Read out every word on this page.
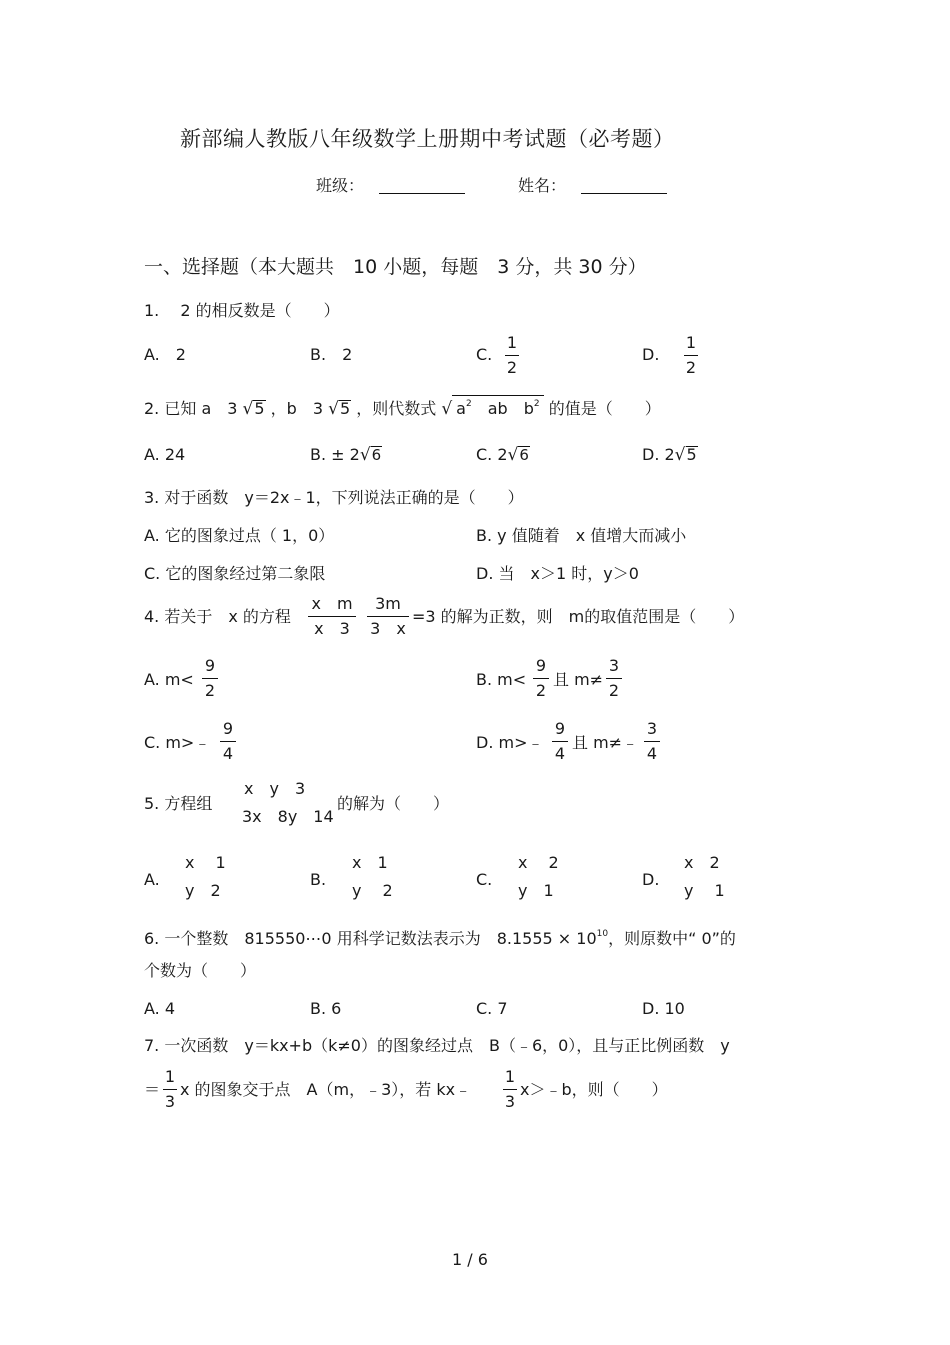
新部编人教版八年级数学上册期中考试题（必考题）
班级：	姓名：
一、选择题（本大题共　10 小题，每题　3 分，共 30 分）
1.　 2 的相反数是（　　）
A.　2	B.　2	C.
1
2
D.
1
2
2. 已知 a　3 √5 ，b　3 √5 ，则代数式 √ $a^2$　 ab　 $b^2$ 的值是（　　）
A. 24	B. ± 2√6	C. 2√6	D. 2√5
3. 对于函数　y＝2x﹣1，下列说法正确的是（　　）
A. 它的图象过点（ 1，0）	B. y 值随着　x 值增大而减小
C. 它的图象经过第二象限	D. 当　x＞1 时，y＞0
4. 若关于　x 的方程
x　m
x　3
3m
3　x
=3 的解为正数，则　m的取值范围是（　　）
A. m<
9
2
B. m<
9
2
且 m≠
3
2
C. m>﹣
9
4
D. m>﹣
9
4
且 m≠﹣
3
4
5. 方程组
x　y　3
3x　8y　14
的解为（　　）
A.
x　 1
y　2
B.
x　1
y　 2
C.
x　 2
y　1
D.
x　2
y　 1
6. 一个整数　815550⋯0 用科学记数法表示为　$8.1555 \times 10^{10}$，则原数中“ 0”的
个数为（　　）
A. 4	B. 6	C. 7	D. 10
7. 一次函数　y＝kx+b（k≠0）的图象经过点　B（﹣6，0），且与正比例函数　y
＝
1
3
x 的图象交于点　A（m，﹣3），若 kx﹣
1
3
x＞﹣b，则（　　）
1 / 6
